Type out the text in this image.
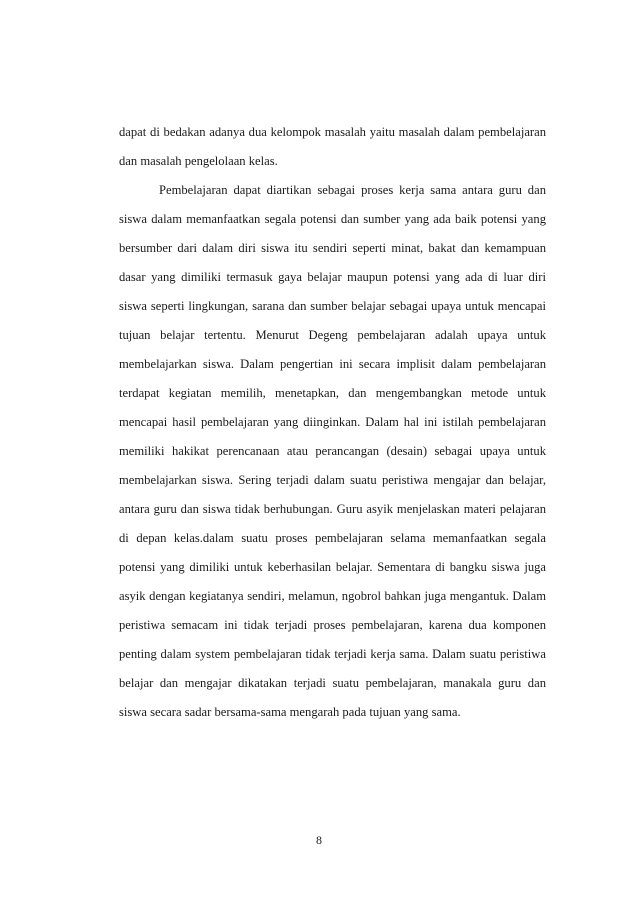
dapat di bedakan adanya dua kelompok masalah yaitu masalah dalam pembelajaran
dan masalah pengelolaan kelas.
Pembelajaran dapat diartikan sebagai proses kerja sama antara guru dan
siswa dalam memanfaatkan segala potensi dan sumber yang ada baik potensi yang
bersumber dari dalam diri siswa itu sendiri seperti minat, bakat dan kemampuan
dasar yang dimiliki termasuk gaya belajar maupun potensi yang ada di luar diri
siswa seperti lingkungan, sarana dan sumber belajar sebagai upaya untuk mencapai
tujuan belajar tertentu. Menurut Degeng pembelajaran adalah upaya untuk
membelajarkan siswa. Dalam pengertian ini secara implisit dalam pembelajaran
terdapat kegiatan memilih, menetapkan, dan mengembangkan metode untuk
mencapai hasil pembelajaran yang diinginkan. Dalam hal ini istilah pembelajaran
memiliki hakikat perencanaan atau perancangan (desain) sebagai upaya untuk
membelajarkan siswa. Sering terjadi dalam suatu peristiwa mengajar dan belajar,
antara guru dan siswa tidak berhubungan. Guru asyik menjelaskan materi pelajaran
di depan kelas.dalam suatu proses pembelajaran selama memanfaatkan segala
potensi yang dimiliki untuk keberhasilan belajar. Sementara di bangku siswa juga
asyik dengan kegiatanya sendiri, melamun, ngobrol bahkan juga mengantuk. Dalam
peristiwa semacam ini tidak terjadi proses pembelajaran, karena dua komponen
penting dalam system pembelajaran tidak terjadi kerja sama. Dalam suatu peristiwa
belajar dan mengajar dikatakan terjadi suatu pembelajaran, manakala guru dan
siswa secara sadar bersama-sama mengarah pada tujuan yang sama.
8
